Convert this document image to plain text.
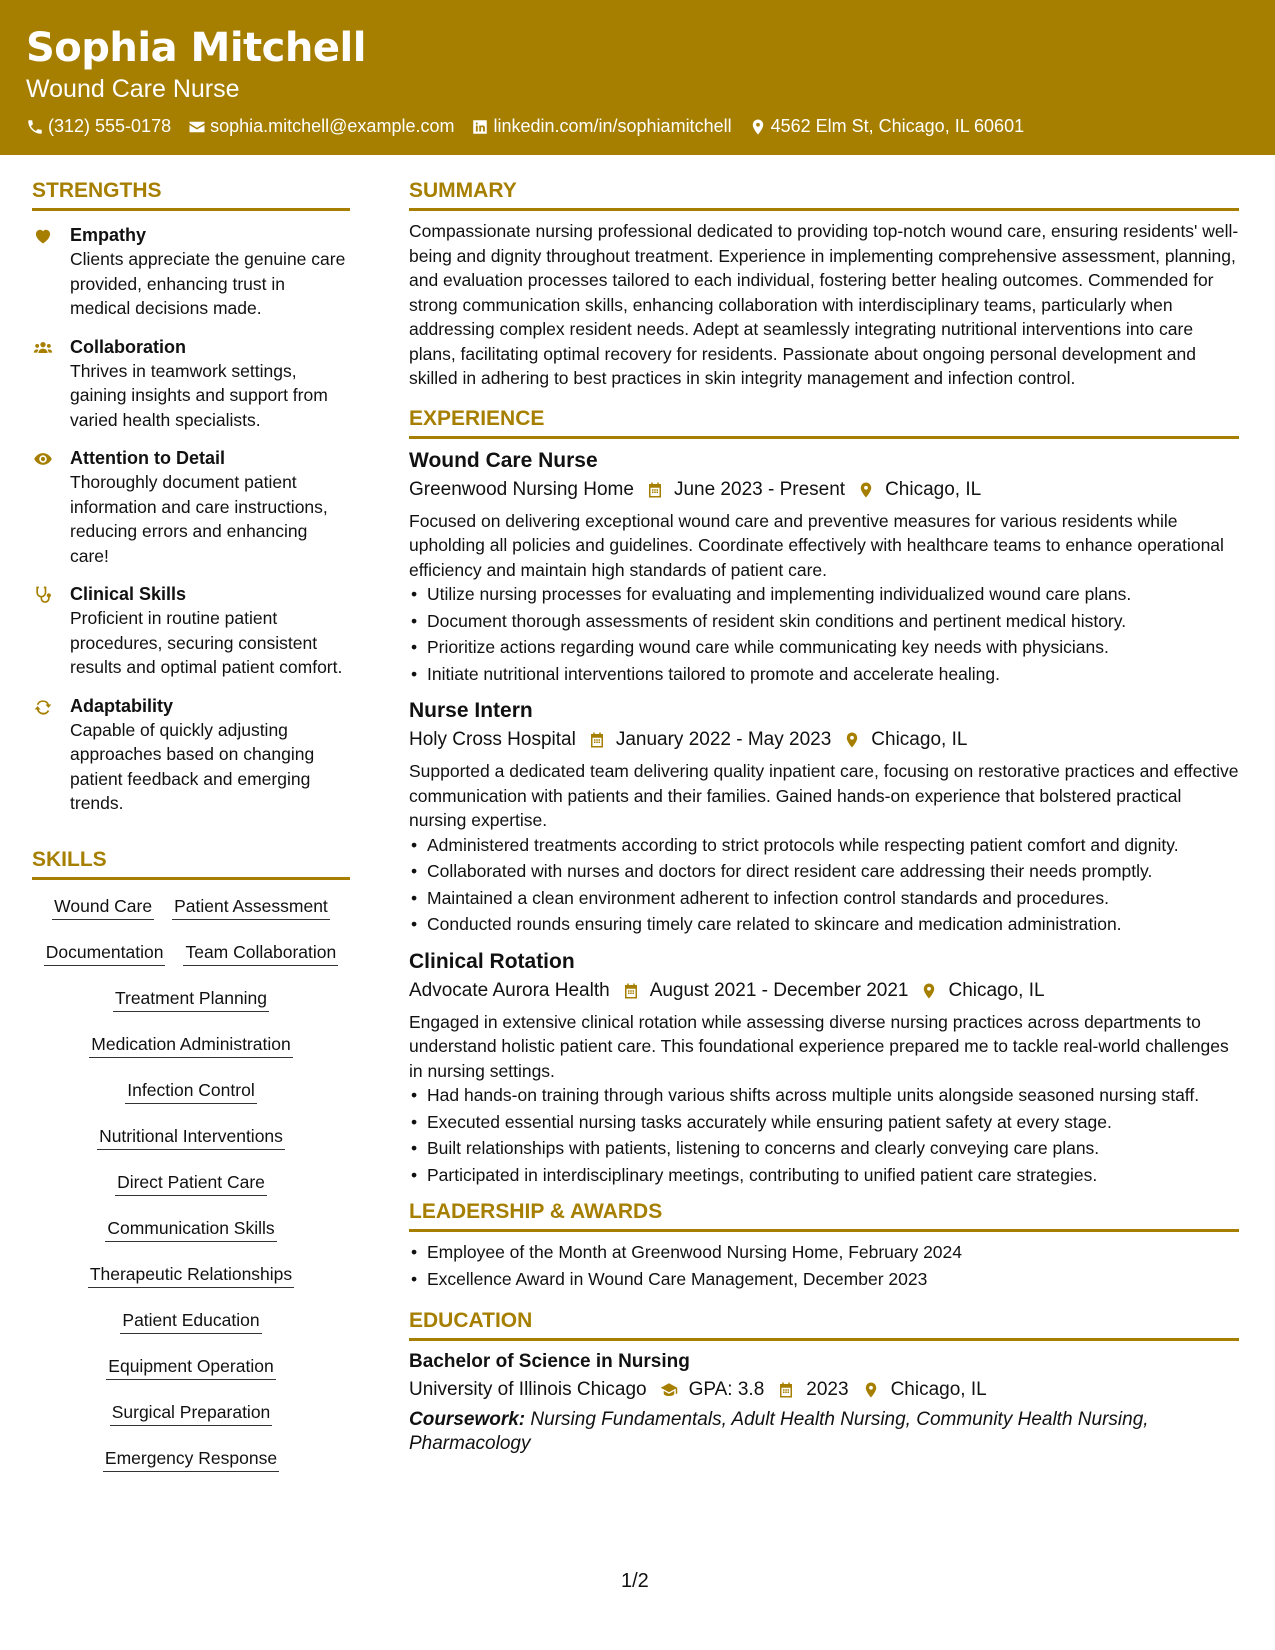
Sophia Mitchell
Wound Care Nurse
(312) 555-0178 sophia.mitchell@example.com linkedin.com/in/sophiamitchell 4562 Elm St, Chicago, IL 60601
STRENGTHS
Empathy
Clients appreciate the genuine care provided, enhancing trust in medical decisions made.
Collaboration
Thrives in teamwork settings, gaining insights and support from varied health specialists.
Attention to Detail
Thoroughly document patient information and care instructions, reducing errors and enhancing care!
Clinical Skills
Proficient in routine patient procedures, securing consistent results and optimal patient comfort.
Adaptability
Capable of quickly adjusting approaches based on changing patient feedback and emerging trends.
SKILLS
Wound Care Patient Assessment
Documentation Team Collaboration
Treatment Planning
Medication Administration
Infection Control
Nutritional Interventions
Direct Patient Care
Communication Skills
Therapeutic Relationships
Patient Education
Equipment Operation
Surgical Preparation
Emergency Response
SUMMARY
Compassionate nursing professional dedicated to providing top-notch wound care, ensuring residents' well-being and dignity throughout treatment. Experience in implementing comprehensive assessment, planning, and evaluation processes tailored to each individual, fostering better healing outcomes. Commended for strong communication skills, enhancing collaboration with interdisciplinary teams, particularly when addressing complex resident needs. Adept at seamlessly integrating nutritional interventions into care plans, facilitating optimal recovery for residents. Passionate about ongoing personal development and skilled in adhering to best practices in skin integrity management and infection control.
EXPERIENCE
Wound Care Nurse
Greenwood Nursing Home June 2023 - Present Chicago, IL
Focused on delivering exceptional wound care and preventive measures for various residents while upholding all policies and guidelines. Coordinate effectively with healthcare teams to enhance operational efficiency and maintain high standards of patient care.
• Utilize nursing processes for evaluating and implementing individualized wound care plans.
• Document thorough assessments of resident skin conditions and pertinent medical history.
• Prioritize actions regarding wound care while communicating key needs with physicians.
• Initiate nutritional interventions tailored to promote and accelerate healing.
Nurse Intern
Holy Cross Hospital January 2022 - May 2023 Chicago, IL
Supported a dedicated team delivering quality inpatient care, focusing on restorative practices and effective communication with patients and their families. Gained hands-on experience that bolstered practical nursing expertise.
• Administered treatments according to strict protocols while respecting patient comfort and dignity.
• Collaborated with nurses and doctors for direct resident care addressing their needs promptly.
• Maintained a clean environment adherent to infection control standards and procedures.
• Conducted rounds ensuring timely care related to skincare and medication administration.
Clinical Rotation
Advocate Aurora Health August 2021 - December 2021 Chicago, IL
Engaged in extensive clinical rotation while assessing diverse nursing practices across departments to understand holistic patient care. This foundational experience prepared me to tackle real-world challenges in nursing settings.
• Had hands-on training through various shifts across multiple units alongside seasoned nursing staff.
• Executed essential nursing tasks accurately while ensuring patient safety at every stage.
• Built relationships with patients, listening to concerns and clearly conveying care plans.
• Participated in interdisciplinary meetings, contributing to unified patient care strategies.
LEADERSHIP & AWARDS
• Employee of the Month at Greenwood Nursing Home, February 2024
• Excellence Award in Wound Care Management, December 2023
EDUCATION
Bachelor of Science in Nursing
University of Illinois Chicago GPA: 3.8 2023 Chicago, IL
Coursework: Nursing Fundamentals, Adult Health Nursing, Community Health Nursing, Pharmacology
1/2
